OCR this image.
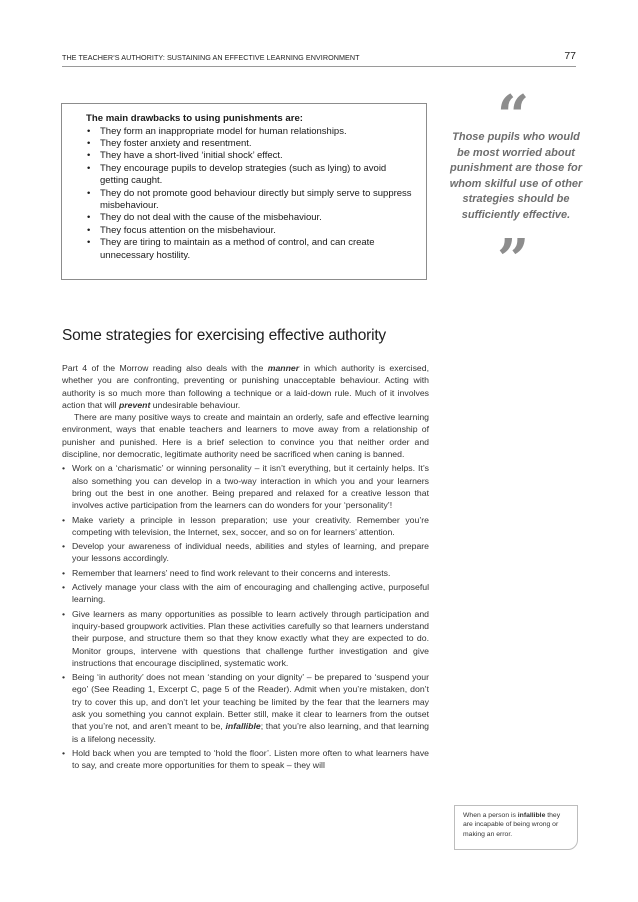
THE TEACHER’S AUTHORITY: SUSTAINING AN EFFECTIVE LEARNING ENVIRONMENT	77
The main drawbacks to using punishments are:
• They form an inappropriate model for human relationships.
• They foster anxiety and resentment.
• They have a short-lived ‘initial shock’ effect.
• They encourage pupils to develop strategies (such as lying) to avoid getting caught.
• They do not promote good behaviour directly but simply serve to suppress misbehaviour.
• They do not deal with the cause of the misbehaviour.
• They focus attention on the misbehaviour.
• They are tiring to maintain as a method of control, and can create unnecessary hostility.
“
Those pupils who would be most worried about punishment are those for whom skilful use of other strategies should be sufficiently effective.
”
Some strategies for exercising effective authority

Part 4 of the Morrow reading also deals with the manner in which authority is exercised, whether you are confronting, preventing or punishing unacceptable behaviour. Acting with authority is so much more than following a technique or a laid-down rule. Much of it involves action that will prevent undesirable behaviour.

There are many positive ways to create and maintain an orderly, safe and effective learning environment, ways that enable teachers and learners to move away from a relationship of punisher and punished. Here is a brief selection to convince you that neither order and discipline, nor democratic, legitimate authority need be sacrificed when caning is banned.

• Work on a ‘charismatic’ or winning personality – it isn’t everything, but it certainly helps. It’s also something you can develop in a two-way interaction in which you and your learners bring out the best in one another. Being prepared and relaxed for a creative lesson that involves active participation from the learners can do wonders for your ‘personality’!
• Make variety a principle in lesson preparation; use your creativity. Remember you’re competing with television, the Internet, sex, soccer, and so on for learners’ attention.
• Develop your awareness of individual needs, abilities and styles of learning, and prepare your lessons accordingly.
• Remember that learners’ need to find work relevant to their concerns and interests.
• Actively manage your class with the aim of encouraging and challenging active, purposeful learning.
• Give learners as many opportunities as possible to learn actively through participation and inquiry-based groupwork activities. Plan these activities carefully so that learners understand their purpose, and structure them so that they know exactly what they are expected to do. Monitor groups, intervene with questions that challenge further investigation and give instructions that encourage disciplined, systematic work.
• Being ‘in authority’ does not mean ‘standing on your dignity’ – be prepared to ‘suspend your ego’ (See Reading 1, Excerpt C, page 5 of the Reader). Admit when you’re mistaken, don’t try to cover this up, and don’t let your teaching be limited by the fear that the learners may ask you something you cannot explain. Better still, make it clear to learners from the outset that you’re not, and aren’t meant to be, infallible; that you’re also learning, and that learning is a lifelong necessity.
• Hold back when you are tempted to ‘hold the floor’. Listen more often to what learners have to say, and create more opportunities for them to speak – they will
When a person is infallible they are incapable of being wrong or making an error.
